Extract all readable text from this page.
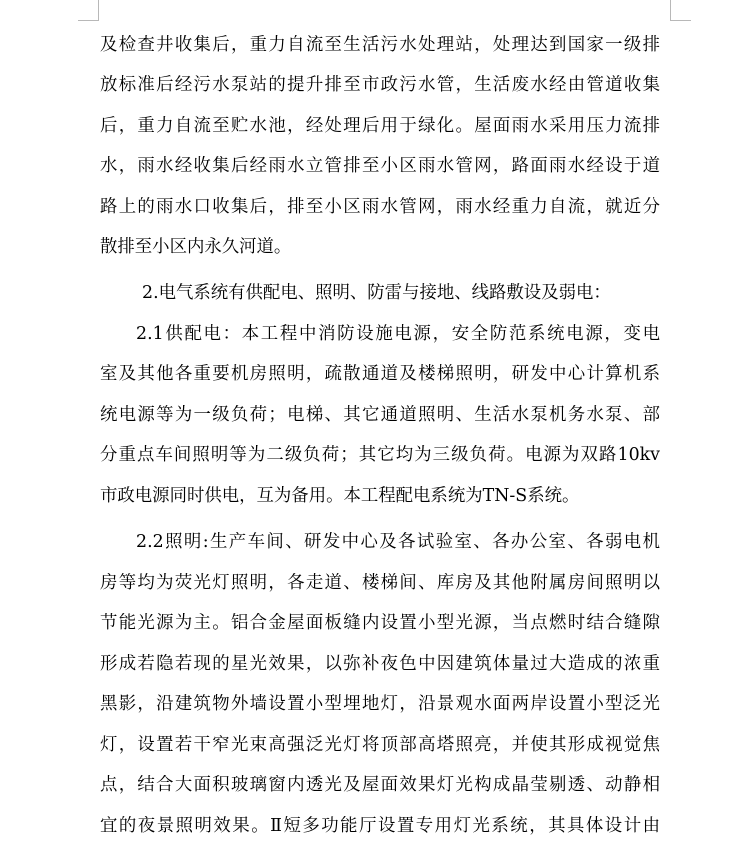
及检查井收集后，重力自流至生活污水处理站，处理达到国家一级排
放标准后经污水泵站的提升排至市政污水管，生活废水经由管道收集
后，重力自流至贮水池，经处理后用于绿化。屋面雨水采用压力流排
水，雨水经收集后经雨水立管排至小区雨水管网，路面雨水经设于道
路上的雨水口收集后，排至小区雨水管网，雨水经重力自流，就近分
散排至小区内永久河道。
2.电气系统有供配电、照明、防雷与接地、线路敷设及弱电：
2.1供配电：本工程中消防设施电源，安全防范系统电源，变电
室及其他各重要机房照明，疏散通道及楼梯照明，研发中心计算机系
统电源等为一级负荷；电梯、其它通道照明、生活水泵机务水泵、部
分重点车间照明等为二级负荷；其它均为三级负荷。电源为双路10kv
市政电源同时供电，互为备用。本工程配电系统为TN-S系统。
2.2照明:生产车间、研发中心及各试验室、各办公室、各弱电机
房等均为荧光灯照明，各走道、楼梯间、库房及其他附属房间照明以
节能光源为主。铝合金屋面板缝内设置小型光源，当点燃时结合缝隙
形成若隐若现的星光效果，以弥补夜色中因建筑体量过大造成的浓重
黑影，沿建筑物外墙设置小型埋地灯，沿景观水面两岸设置小型泛光
灯，设置若干窄光束高强泛光灯将顶部高塔照亮，并使其形成视觉焦
点，结合大面积玻璃窗内透光及屋面效果灯光构成晶莹剔透、动静相
宜的夜景照明效果。Ⅱ短多功能厅设置专用灯光系统，其具体设计由
